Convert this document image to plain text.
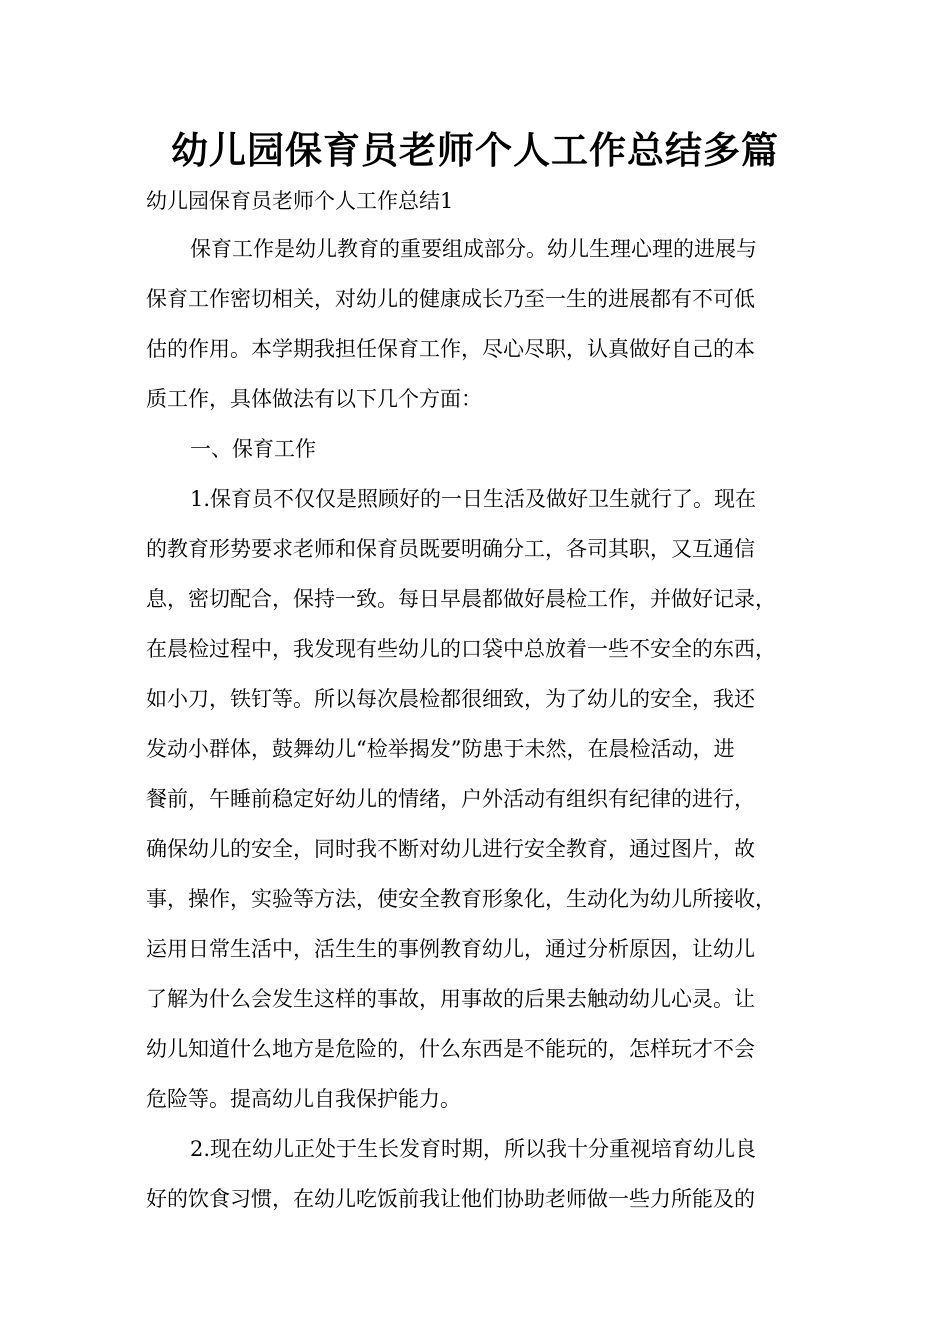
幼儿园保育员老师个人工作总结多篇
幼儿园保育员老师个人工作总结1
保育工作是幼儿教育的重要组成部分。幼儿生理心理的进展与
保育工作密切相关，对幼儿的健康成长乃至一生的进展都有不可低
估的作用。本学期我担任保育工作，尽心尽职，认真做好自己的本
质工作，具体做法有以下几个方面：
一、保育工作
1.保育员不仅仅是照顾好的一日生活及做好卫生就行了。现在
的教育形势要求老师和保育员既要明确分工，各司其职，又互通信
息，密切配合，保持一致。每日早晨都做好晨检工作，并做好记录，
在晨检过程中，我发现有些幼儿的口袋中总放着一些不安全的东西，
如小刀，铁钉等。所以每次晨检都很细致，为了幼儿的安全，我还
发动小群体，鼓舞幼儿“检举揭发”防患于未然，在晨检活动，进
餐前，午睡前稳定好幼儿的情绪，户外活动有组织有纪律的进行，
确保幼儿的安全，同时我不断对幼儿进行安全教育，通过图片，故
事，操作，实验等方法，使安全教育形象化，生动化为幼儿所接收，
运用日常生活中，活生生的事例教育幼儿，通过分析原因，让幼儿
了解为什么会发生这样的事故，用事故的后果去触动幼儿心灵。让
幼儿知道什么地方是危险的，什么东西是不能玩的，怎样玩才不会
危险等。提高幼儿自我保护能力。
2.现在幼儿正处于生长发育时期，所以我十分重视培育幼儿良
好的饮食习惯，在幼儿吃饭前我让他们协助老师做一些力所能及的
